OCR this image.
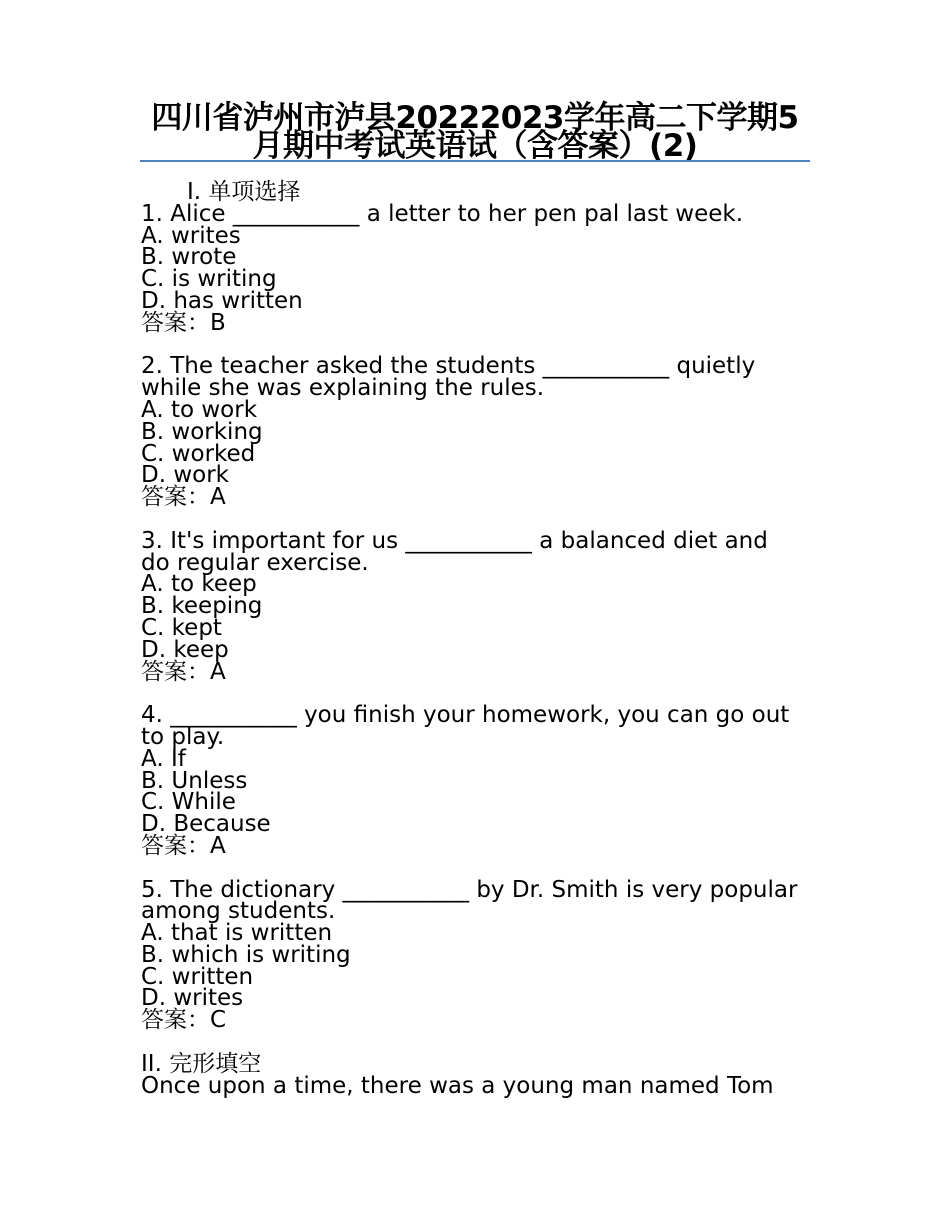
四川省泸州市泸县20222023学年高二下学期5月期中考试英语试（含答案）(2)
I. 单项选择
1. Alice ___________ a letter to her pen pal last week.
A. writes
B. wrote
C. is writing
D. has written
答案：B
2. The teacher asked the students ___________ quietly
while she was explaining the rules.
A. to work
B. working
C. worked
D. work
答案：A
3. It's important for us ___________ a balanced diet and
do regular exercise.
A. to keep
B. keeping
C. kept
D. keep
答案：A
4. ___________ you finish your homework, you can go out
to play.
A. If
B. Unless
C. While
D. Because
答案：A
5. The dictionary ___________ by Dr. Smith is very popular
among students.
A. that is written
B. which is writing
C. written
D. writes
答案：C
II. 完形填空
Once upon a time, there was a young man named Tom
